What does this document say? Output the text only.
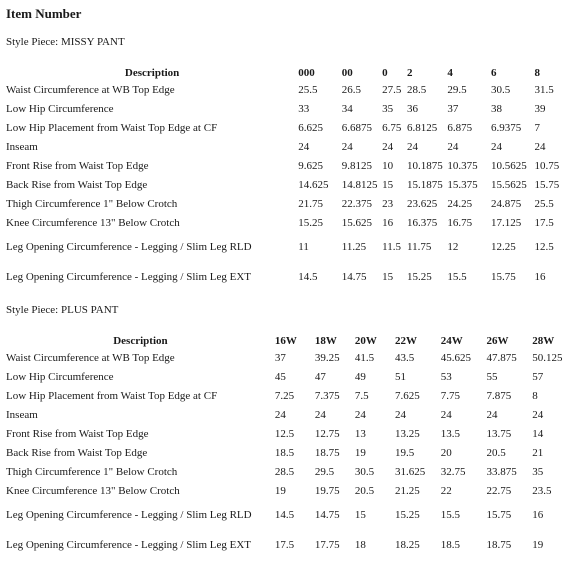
Item Number
Style Piece: MISSY PANT
Description	000	00	0	2	4	6	8
Waist Circumference at WB Top Edge	25.5	26.5	27.5	28.5	29.5	30.5	31.5
Low Hip Circumference	33	34	35	36	37	38	39
Low Hip Placement from Waist Top Edge at CF	6.625	6.6875	6.75	6.8125	6.875	6.9375	7
Inseam	24	24	24	24	24	24	24
Front Rise from Waist Top Edge	9.625	9.8125	10	10.1875	10.375	10.5625	10.75
Back Rise from Waist Top Edge	14.625	14.8125	15	15.1875	15.375	15.5625	15.75
Thigh Circumference 1" Below Crotch	21.75	22.375	23	23.625	24.25	24.875	25.5
Knee Circumference 13" Below Crotch	15.25	15.625	16	16.375	16.75	17.125	17.5
Leg Opening Circumference - Legging / Slim Leg RLD	11	11.25	11.5	11.75	12	12.25	12.5
Leg Opening Circumference - Legging / Slim Leg EXT	14.5	14.75	15	15.25	15.5	15.75	16
Style Piece: PLUS PANT
Description	16W	18W	20W	22W	24W	26W	28W
Waist Circumference at WB Top Edge	37	39.25	41.5	43.5	45.625	47.875	50.125
Low Hip Circumference	45	47	49	51	53	55	57
Low Hip Placement from Waist Top Edge at CF	7.25	7.375	7.5	7.625	7.75	7.875	8
Inseam	24	24	24	24	24	24	24
Front Rise from Waist Top Edge	12.5	12.75	13	13.25	13.5	13.75	14
Back Rise from Waist Top Edge	18.5	18.75	19	19.5	20	20.5	21
Thigh Circumference 1" Below Crotch	28.5	29.5	30.5	31.625	32.75	33.875	35
Knee Circumference 13" Below Crotch	19	19.75	20.5	21.25	22	22.75	23.5
Leg Opening Circumference - Legging / Slim Leg RLD	14.5	14.75	15	15.25	15.5	15.75	16
Leg Opening Circumference - Legging / Slim Leg EXT	17.5	17.75	18	18.25	18.5	18.75	19
